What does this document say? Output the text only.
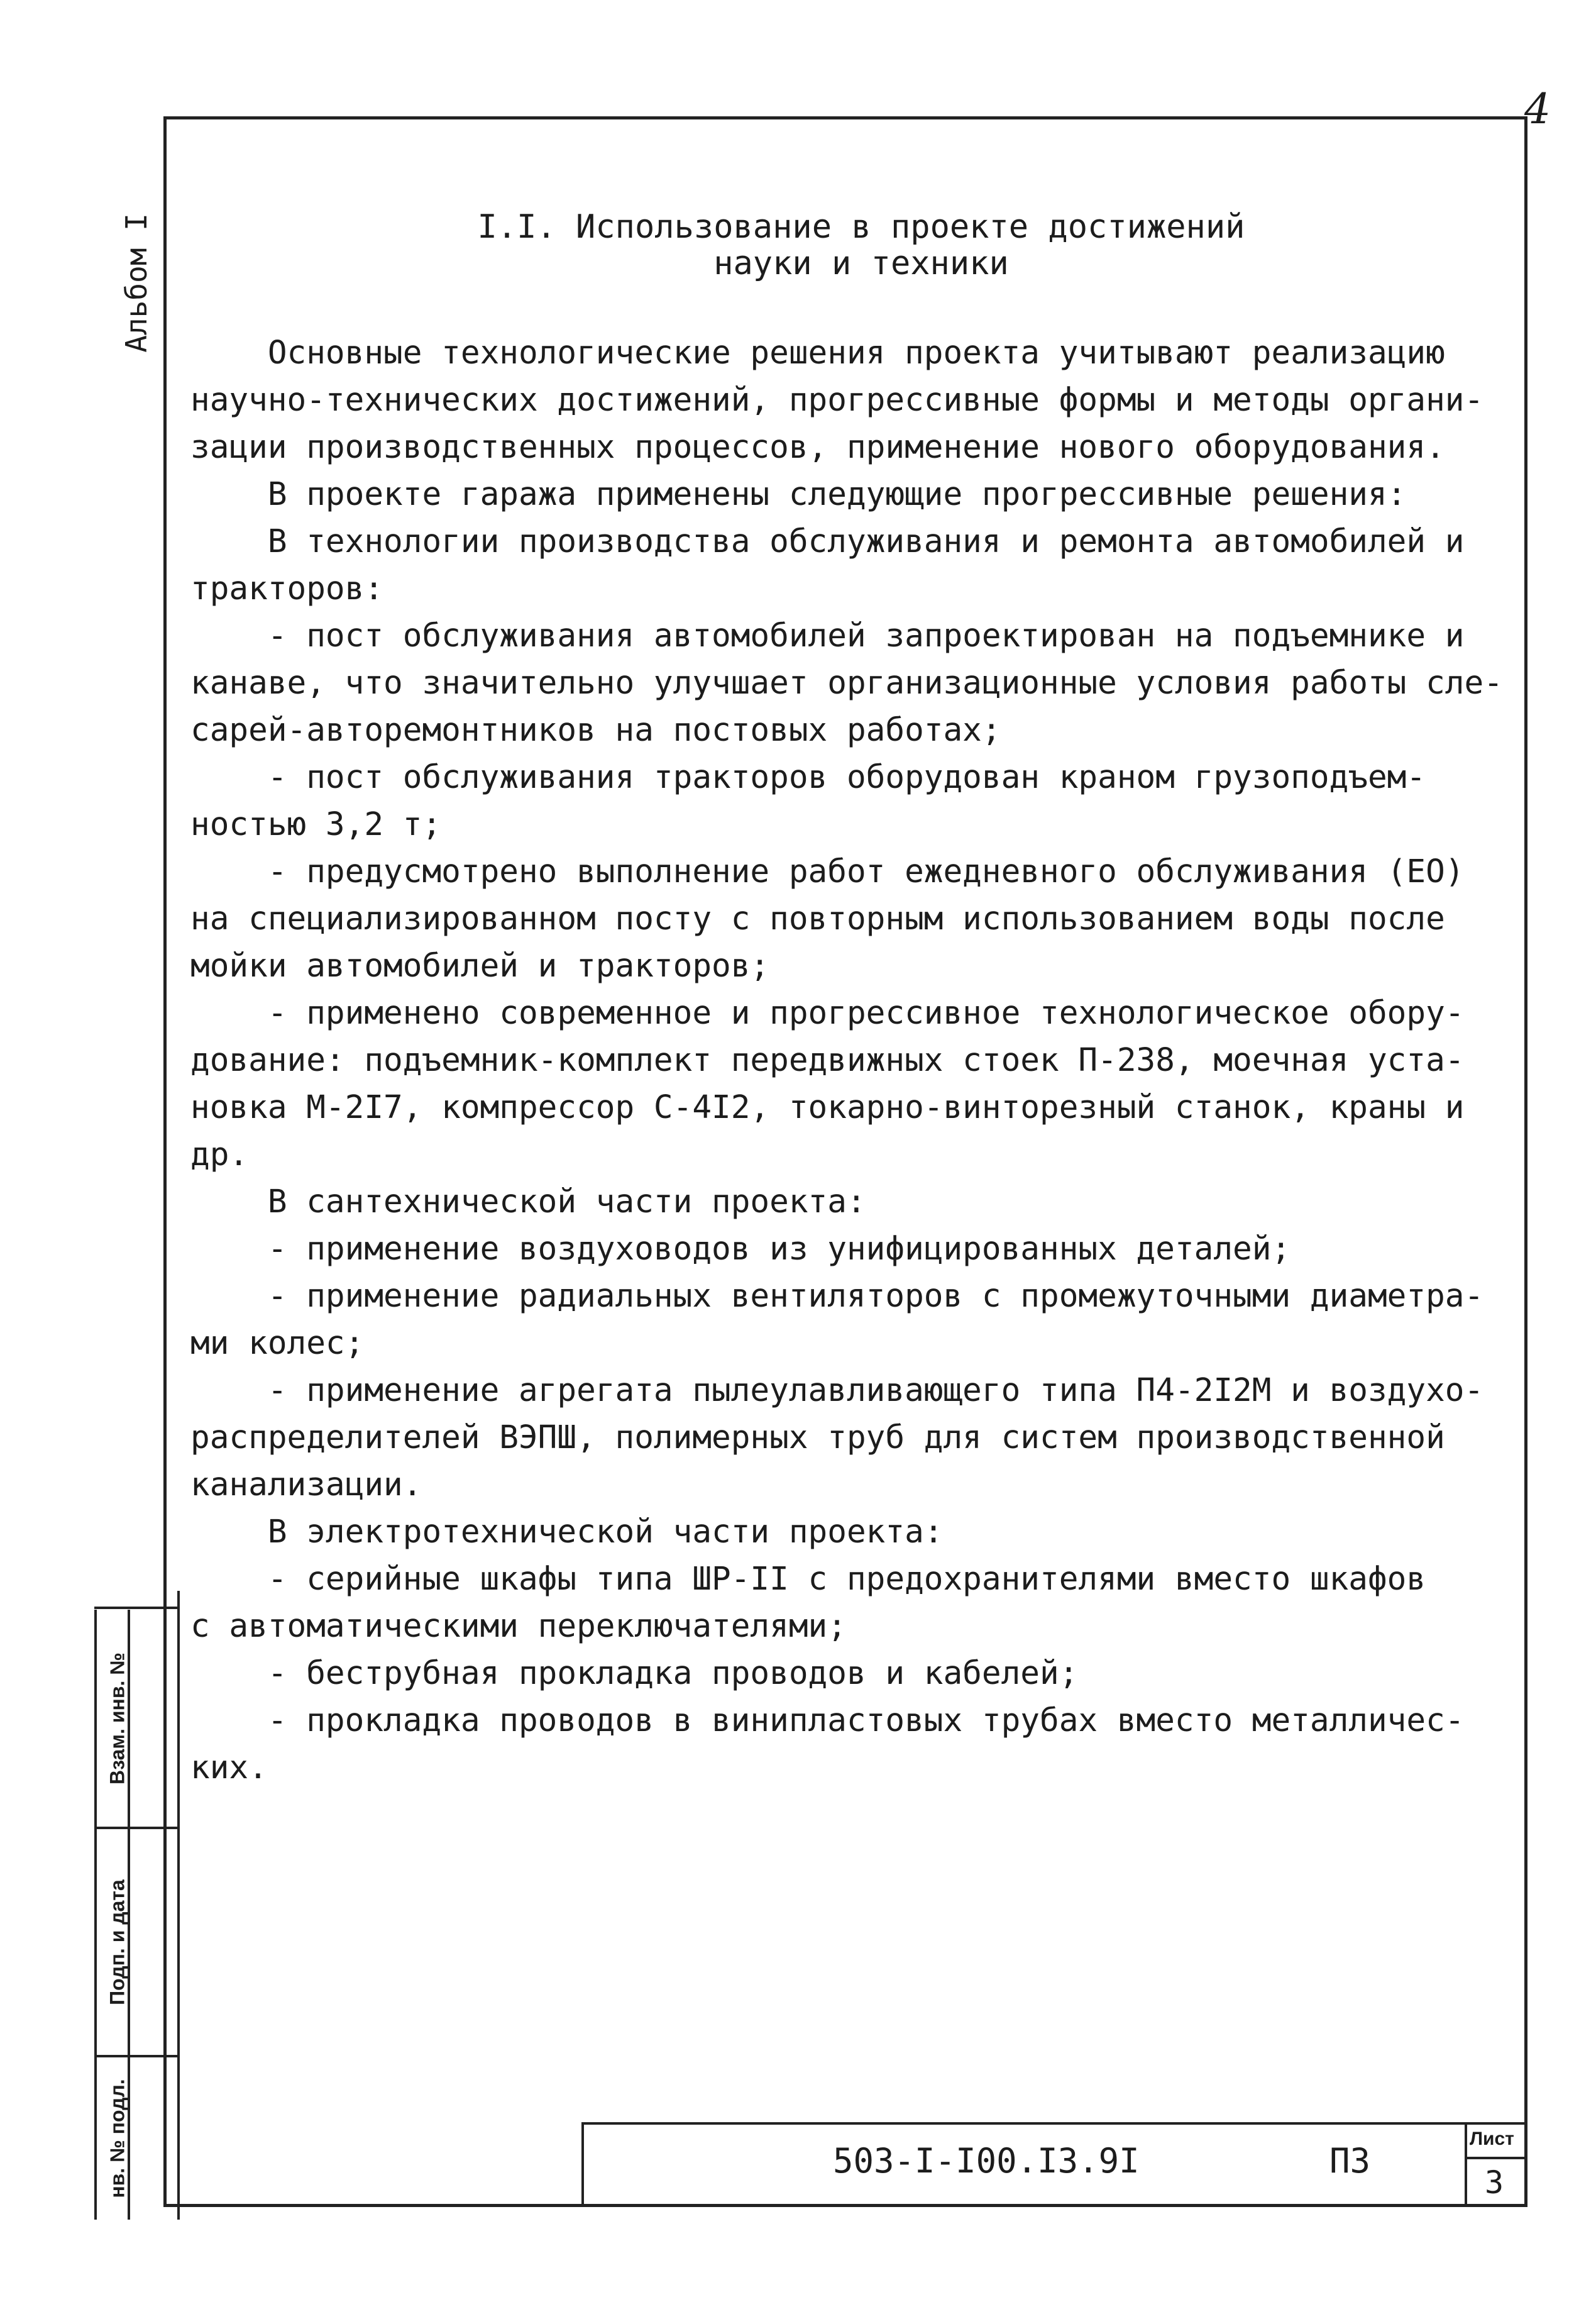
4
Альбом I
Взам. инв. №
Подп. и дата
нв. № подл.
I.I. Использование в проекте достижений
науки и техники
Основные технологические решения проекта учитывают реализацию
научно-технических достижений, прогрессивные формы и методы органи-
зации производственных процессов, применение нового оборудования.
В проекте гаража применены следующие прогрессивные решения:
В технологии производства обслуживания и ремонта автомобилей и
тракторов:
- пост обслуживания автомобилей запроектирован на подъемнике и
канаве, что значительно улучшает организационные условия работы сле-
сарей-авторемонтников на постовых работах;
- пост обслуживания тракторов оборудован краном грузоподъем-
ностью 3,2 т;
- предусмотрено выполнение работ ежедневного обслуживания (ЕО)
на специализированном посту с повторным использованием воды после
мойки автомобилей и тракторов;
- применено современное и прогрессивное технологическое обору-
дование: подъемник-комплект передвижных стоек П-238, моечная уста-
новка М-2I7, компрессор С-4I2, токарно-винторезный станок, краны и
др.
В сантехнической части проекта:
- применение воздуховодов из унифицированных деталей;
- применение радиальных вентиляторов с промежуточными диаметра-
ми колес;
- применение агрегата пылеулавливающего типа П4-2I2М и воздухо-
распределителей ВЭПШ, полимерных труб для систем производственной
канализации.
В электротехнической части проекта:
- серийные шкафы типа ШР-II с предохранителями вместо шкафов
с автоматическими переключателями;
- беструбная прокладка проводов и кабелей;
- прокладка проводов в винипластовых трубах вместо металличес-
ких.
503-I-I00.I3.9I	ПЗ
Лист
3
